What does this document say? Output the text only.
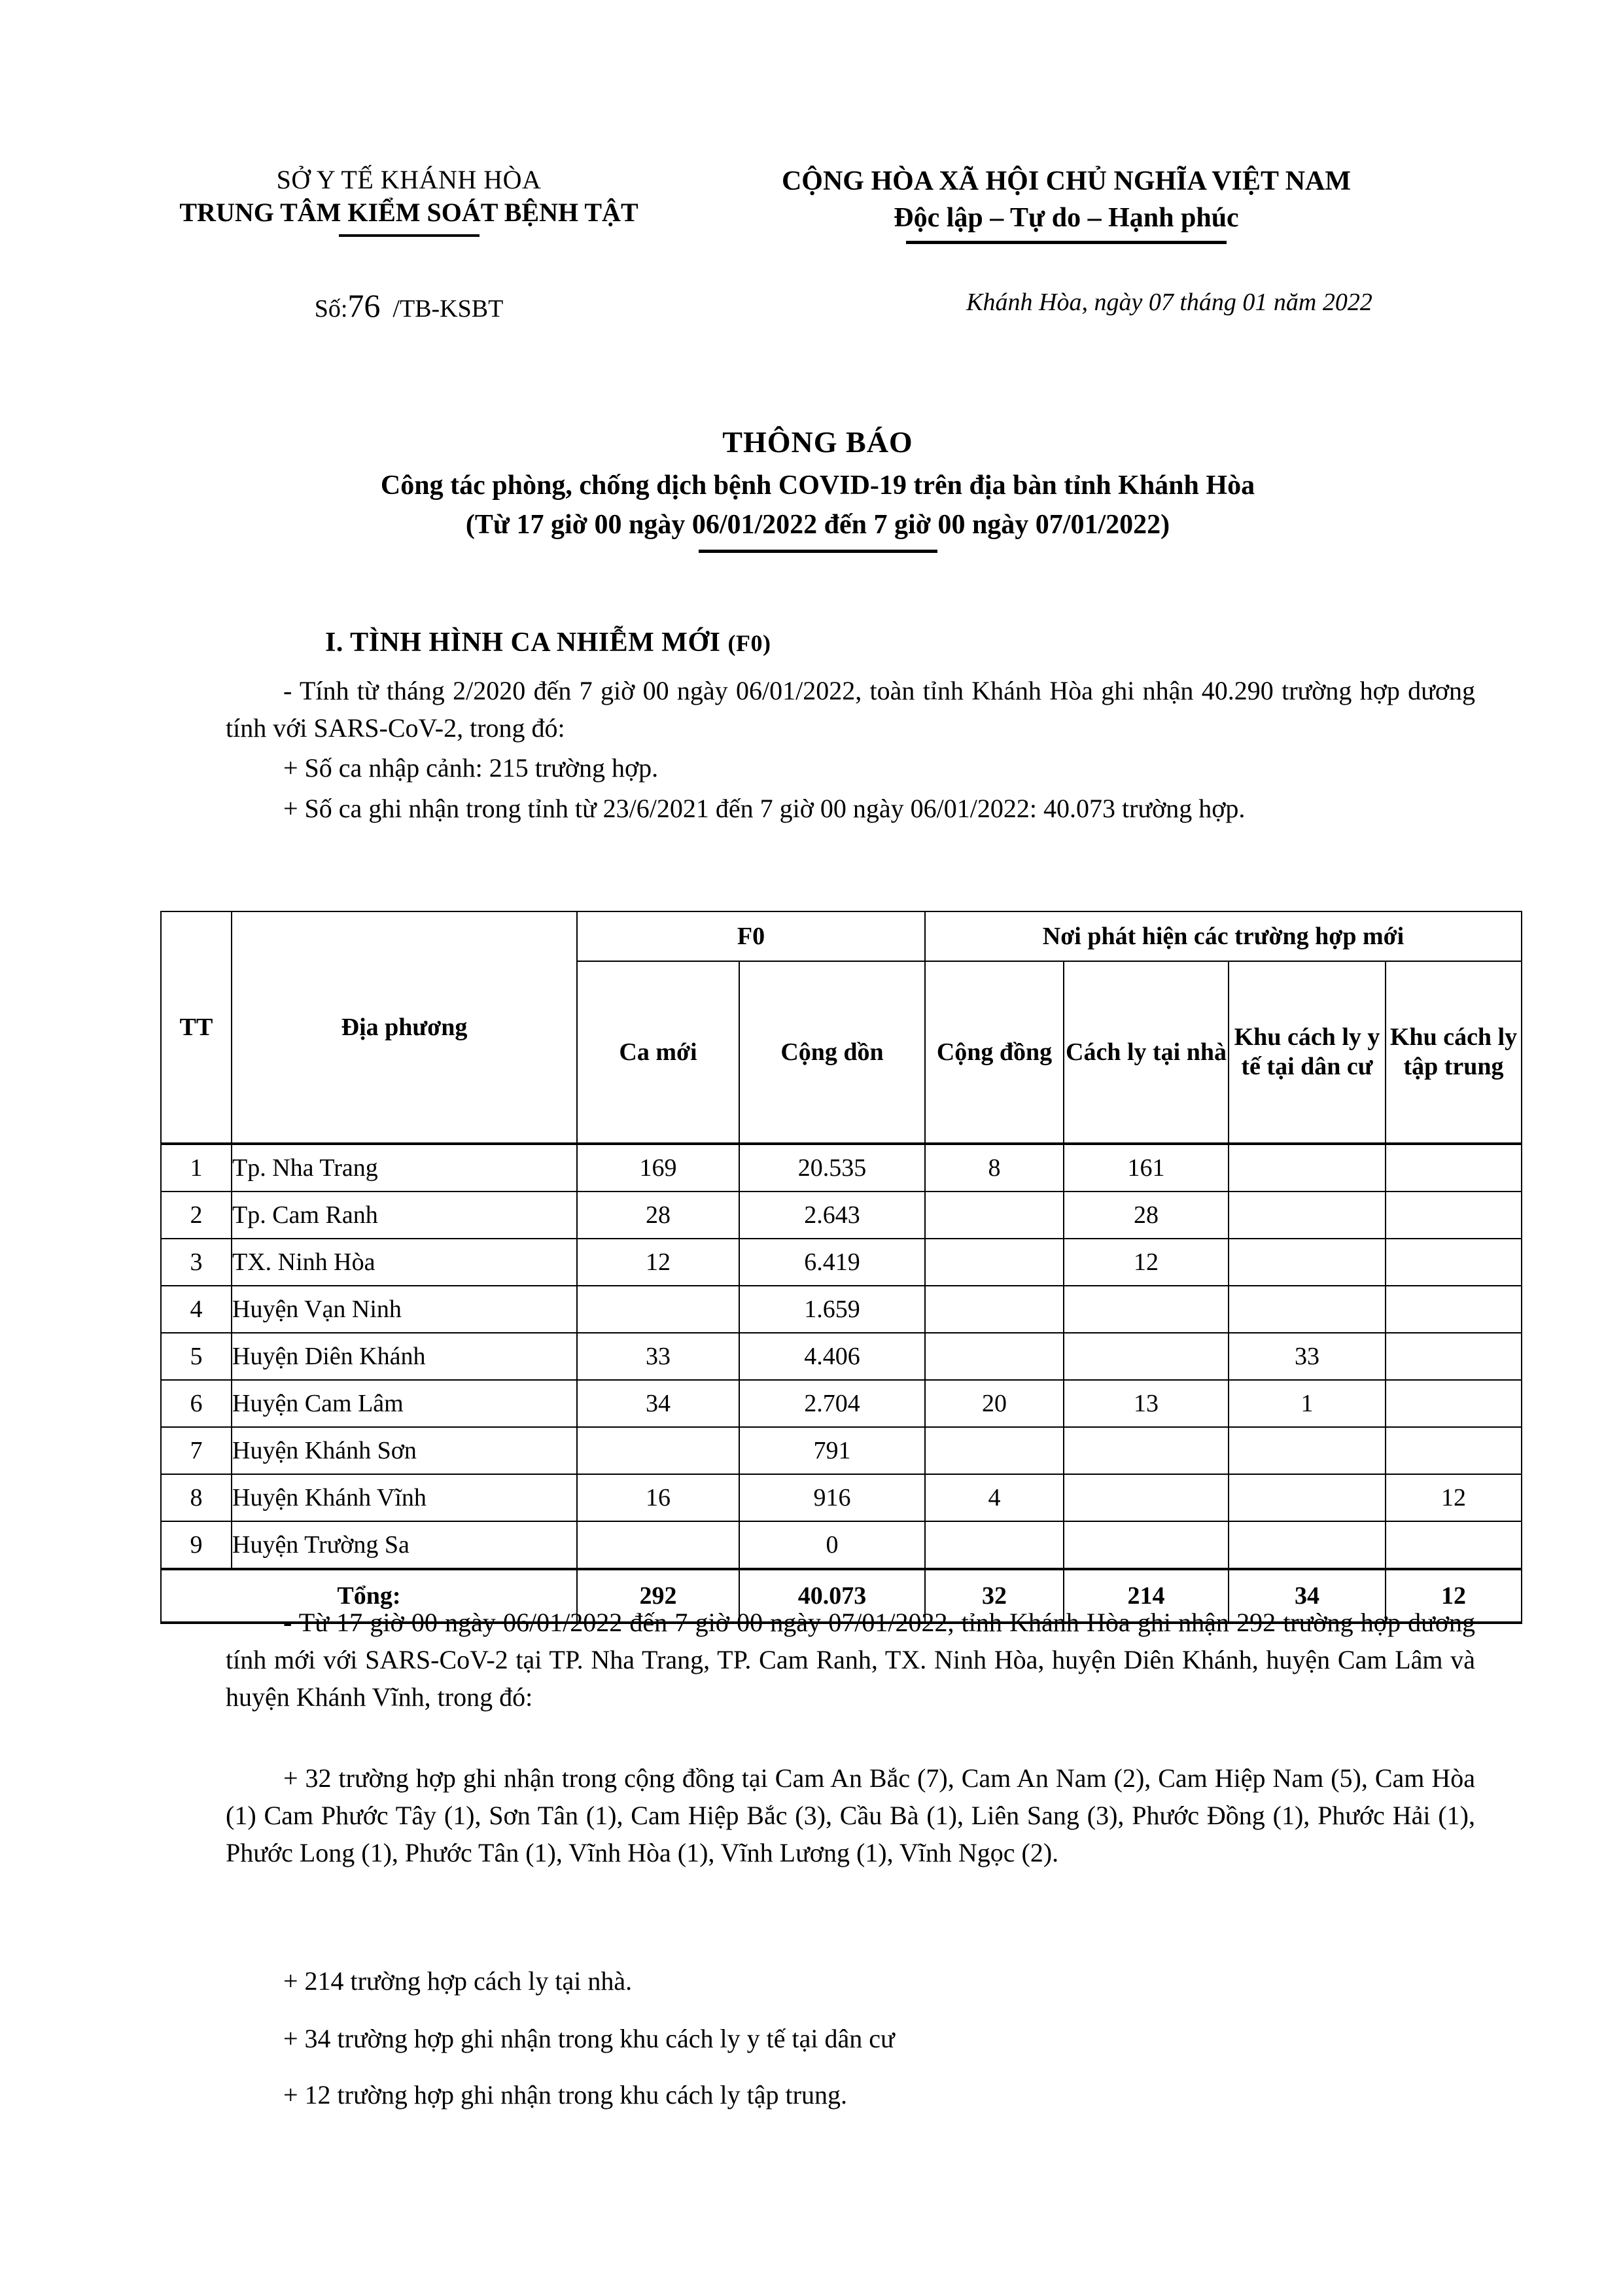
SỞ Y TẾ KHÁNH HÒA
TRUNG TÂM KIỂM SOÁT BỆNH TẬT
CỘNG HÒA XÃ HỘI CHỦ NGHĨA VIỆT NAM
Độc lập – Tự do – Hạnh phúc
Số:76 /TB-KSBT	Khánh Hòa, ngày 07 tháng 01 năm 2022
THÔNG BÁO
Công tác phòng, chống dịch bệnh COVID-19 trên địa bàn tỉnh Khánh Hòa
(Từ 17 giờ 00 ngày 06/01/2022 đến 7 giờ 00 ngày 07/01/2022)
I. TÌNH HÌNH CA NHIỄM MỚI (F0)
- Tính từ tháng 2/2020 đến 7 giờ 00 ngày 06/01/2022, toàn tỉnh Khánh Hòa ghi nhận 40.290 trường hợp dương tính với SARS-CoV-2, trong đó:
+ Số ca nhập cảnh: 215 trường hợp.
+ Số ca ghi nhận trong tỉnh từ 23/6/2021 đến 7 giờ 00 ngày 06/01/2022: 40.073 trường hợp.
TT	Địa phương	F0		Nơi phát hiện các trường hợp mới			
		Ca mới	Cộng dồn	Cộng đồng	Cách ly tại nhà	Khu cách ly y tế tại dân cư	Khu cách ly tập trung
1	Tp. Nha Trang	169	20.535	8	161		
2	Tp. Cam Ranh	28	2.643		28		
3	TX. Ninh Hòa	12	6.419		12		
4	Huyện Vạn Ninh		1.659				
5	Huyện Diên Khánh	33	4.406			33	
6	Huyện Cam Lâm	34	2.704	20	13	1	
7	Huyện Khánh Sơn		791				
8	Huyện Khánh Vĩnh	16	916	4			12
9	Huyện Trường Sa		0				
Tổng:		292	40.073	32	214	34	12
- Từ 17 giờ 00 ngày 06/01/2022 đến 7 giờ 00 ngày 07/01/2022, tỉnh Khánh Hòa ghi nhận 292 trường hợp dương tính mới với SARS-CoV-2 tại TP. Nha Trang, TP. Cam Ranh, TX. Ninh Hòa, huyện Diên Khánh, huyện Cam Lâm và huyện Khánh Vĩnh, trong đó:
+ 32 trường hợp ghi nhận trong cộng đồng tại Cam An Bắc (7), Cam An Nam (2), Cam Hiệp Nam (5), Cam Hòa (1) Cam Phước Tây (1), Sơn Tân (1), Cam Hiệp Bắc (3), Cầu Bà (1), Liên Sang (3), Phước Đồng (1), Phước Hải (1), Phước Long (1), Phước Tân (1), Vĩnh Hòa (1), Vĩnh Lương (1), Vĩnh Ngọc (2).
+ 214 trường hợp cách ly tại nhà.
+ 34 trường hợp ghi nhận trong khu cách ly y tế tại dân cư
+ 12 trường hợp ghi nhận trong khu cách ly tập trung.
